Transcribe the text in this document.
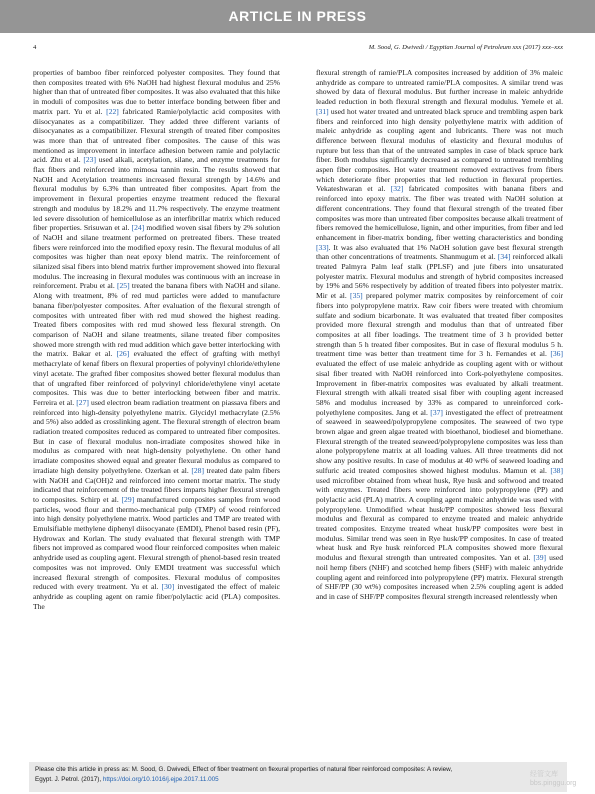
ARTICLE IN PRESS
4	M. Sood, G. Dwivedi / Egyptian Journal of Petroleum xxx (2017) xxx–xxx
properties of bamboo fiber reinforced polyester composites. They found that then composites treated with 6% NaOH had highest flexural modulus and 25% higher than that of untreated fiber composites. It was also evaluated that this hike in moduli of composites was due to better interface bonding between fiber and matrix part. Yu et al. [22] fabricated Ramie/polylactic acid composites with diisocyanates as a compatibilizer. They added three different variants of diisocyanates as a compatibilizer. Flexural strength of treated fiber composites was more than that of untreated fiber composites. The cause of this was mentioned as improvement in interface adhesion between ramie and polylactic acid. Zhu et al. [23] used alkali, acetylation, silane, and enzyme treatments for flax fibers and reinforced into mimosa tannin resin. The results showed that NaOH and Acetylation treatments increased flexural strength by 14.6% and flexural modulus by 6.3% than untreated fiber composites. Apart from the improvement in flexural properties enzyme treatment reduced the flexural strength and modulus by 18.2% and 11.7% respectively. The enzyme treatment led severe dissolution of hemicellulose as an interfibrillar matrix which reduced fiber properties. Srisuwan et al. [24] modified woven sisal fibers by 2% solution of NaOH and silane treatment performed on pretreated fibers. These treated fibers were reinforced into the modified epoxy resin. The flexural modulus of all composites was higher than neat epoxy blend matrix. The reinforcement of silanized sisal fibers into blend matrix further improvement showed into flexural modulus. The increasing in flexural modules was continuous with an increase in reinforcement. Prabu et al. [25] treated the banana fibers with NaOH and silane. Along with treatment, 8% of red mud particles were added to manufacture banana fiber/polyester composites. After evaluation of the flexural strength of composites with untreated fiber with red mud showed the highest reading. Treated fibers composites with red mud showed less flexural strength. On comparison of NaOH and silane treatments, silane treated fiber composites showed more strength with red mud addition which gave better interlocking with the matrix. Bakar et al. [26] evaluated the effect of grafting with methyl methacrylate of kenaf fibers on flexural properties of polyvinyl chloride/ethylene vinyl acetate. The grafted fiber composites showed better flexural modulus than that of ungrafted fiber reinforced of polyvinyl chloride/ethylene vinyl acetate composites. This was due to better interlocking between fiber and matrix. Ferreira et al. [27] used electron beam radiation treatment on piassava fibers and reinforced into high-density polyethylene matrix. Glycidyl methacrylate (2.5% and 5%) also added as crosslinking agent. The flexural strength of electron beam radiation treated composites reduced as compared to untreated fiber composites. But in case of flexural modulus non-irradiate composites showed hike in modulus as compared with neat high-density polyethylene. On other hand irradiate composites showed equal and greater flexural modulus as compared to irradiate high density polyethylene. Ozerkan et al. [28] treated date palm fibers with NaOH and Ca(OH)2 and reinforced into cement mortar matrix. The study indicated that reinforcement of the treated fibers imparts higher flexural strength to composites. Schirp et al. [29] manufactured composites samples from wood particles, wood flour and thermo-mechanical pulp (TMP) of wood reinforced into high density polyethylene matrix. Wood particles and TMP are treated with Emulsifiable methylene diphenyl diisocyanate (EMDI), Phenol based resin (PF), Hydrowax and Korlan. The study evaluated that flexural strength with TMP fibers not improved as compared wood flour reinforced composites when maleic anhydride used as coupling agent. Flexural strength of phenol-based resin treated composites was not improved. Only EMDI treatment was successful which increased flexural strength of composites. Flexural modulus of composites reduced with every treatment. Yu et al. [30] investigated the effect of maleic anhydride as coupling agent on ramie fiber/polylactic acid (PLA) composites. The
flexural strength of ramie/PLA composites increased by addition of 3% maleic anhydride as compare to untreated ramie/PLA composites. A similar trend was showed by data of flexural modulus. But further increase in maleic anhydride leaded reduction in both flexural strength and flexural modulus. Yemele et al. [31] used hot water treated and untreated black spruce and trembling aspen bark fibers and reinforced into high density polyethylene matrix with addition of maleic anhydride as coupling agent and lubricants. There was not much difference between flexural modulus of elasticity and flexural modulus of rupture but less than that of the untreated samples in case of black spruce bark fiber. Both modulus significantly decreased as compared to untreated trembling aspen fiber composites. Hot water treatment removed extractives from fibers which deteriorate fiber properties that led reduction in flexural properties. Vekateshwaran et al. [32] fabricated composites with banana fibers and reinforced into epoxy matrix. The fiber was treated with NaOH solution at different concentrations. They found that flexural strength of the treated fiber composites was more than untreated fiber composites because alkali treatment of fibers removed the hemicellulose, lignin, and other impurities, from fiber and led enhancement in fiber-matrix bonding, fiber wetting characteristics and bonding [33]. It was also evaluated that 1% NaOH solution gave best flexural strength than other concentrations of treatments. Shanmugum et al. [34] reinforced alkali treated Palmyra Palm leaf stalk (PPLSF) and jute fibers into unsaturated polyester matrix. Flexural modulus and strength of hybrid composites increased by 19% and 56% respectively by addition of treated fibers into polyester matrix. Mir et al. [35] prepared polymer matrix composites by reinforcement of coir fibers into polypropylene matrix. Raw coir fibers were treated with chromium sulfate and sodium bicarbonate. It was evaluated that treated fiber composites provided more flexural strength and modulus than that of untreated fiber composites at all fiber loadings. The treatment time of 3 h provided better strength than 5 h treated fiber composites. But in case of flexural modulus 5 h. treatment time was better than treatment time for 3 h. Fernandes et al. [36] evaluated the effect of use maleic anhydride as coupling agent with or without sisal fiber treated with NaOH reinforced into Cork-polyethylene composites. Improvement in fiber-matrix composites was evaluated by alkali treatment. Flexural strength with alkali treated sisal fiber with coupling agent increased 58% and modulus increased by 33% as compared to unreinforced cork-polyethylene composites. Jang et al. [37] investigated the effect of pretreatment of seaweed in seaweed/polypropylene composites. The seaweed of two type brown algae and green algae treated with bioethanol, biodiesel and biomethane. Flexural strength of the treated seaweed/polypropylene composites was less than alone polypropylene matrix at all loading values. All three treatments did not show any positive results. In case of modulus at 40 wt% of seaweed loading and sulfuric acid treated composites showed highest modulus. Mamun et al. [38] used microfiber obtained from wheat husk, Rye husk and softwood and treated with enzymes. Treated fibers were reinforced into polypropylene (PP) and polylactic acid (PLA) matrix. A coupling agent maleic anhydride was used with polypropylene. Unmodified wheat husk/PP composites showed less flexural modulus and flexural as compared to enzyme treated and maleic anhydride treated composites. Enzyme treated wheat husk/PP composites were best in modulus. Similar trend was seen in Rye husk/PP composites. In case of treated wheat husk and Rye husk reinforced PLA composites showed more flexural modulus and flexural strength than untreated composites. Yan et al. [39] used noil hemp fibers (NHF) and scotched hemp fibers (SHF) with maleic anhydride coupling agent and reinforced into polypropylene (PP) matrix. Flexural strength of SHF/PP (30 wt%) composites increased when 2.5% coupling agent is added and in case of SHF/PP composites flexural strength increased relentlessly when
Please cite this article in press as: M. Sood, G. Dwivedi, Effect of fiber treatment on flexural properties of natural fiber reinforced composites: A review,
Egypt. J. Petrol. (2017), https://doi.org/10.1016/j.ejpe.2017.11.005
经管文库 bbs.pinggu.org
